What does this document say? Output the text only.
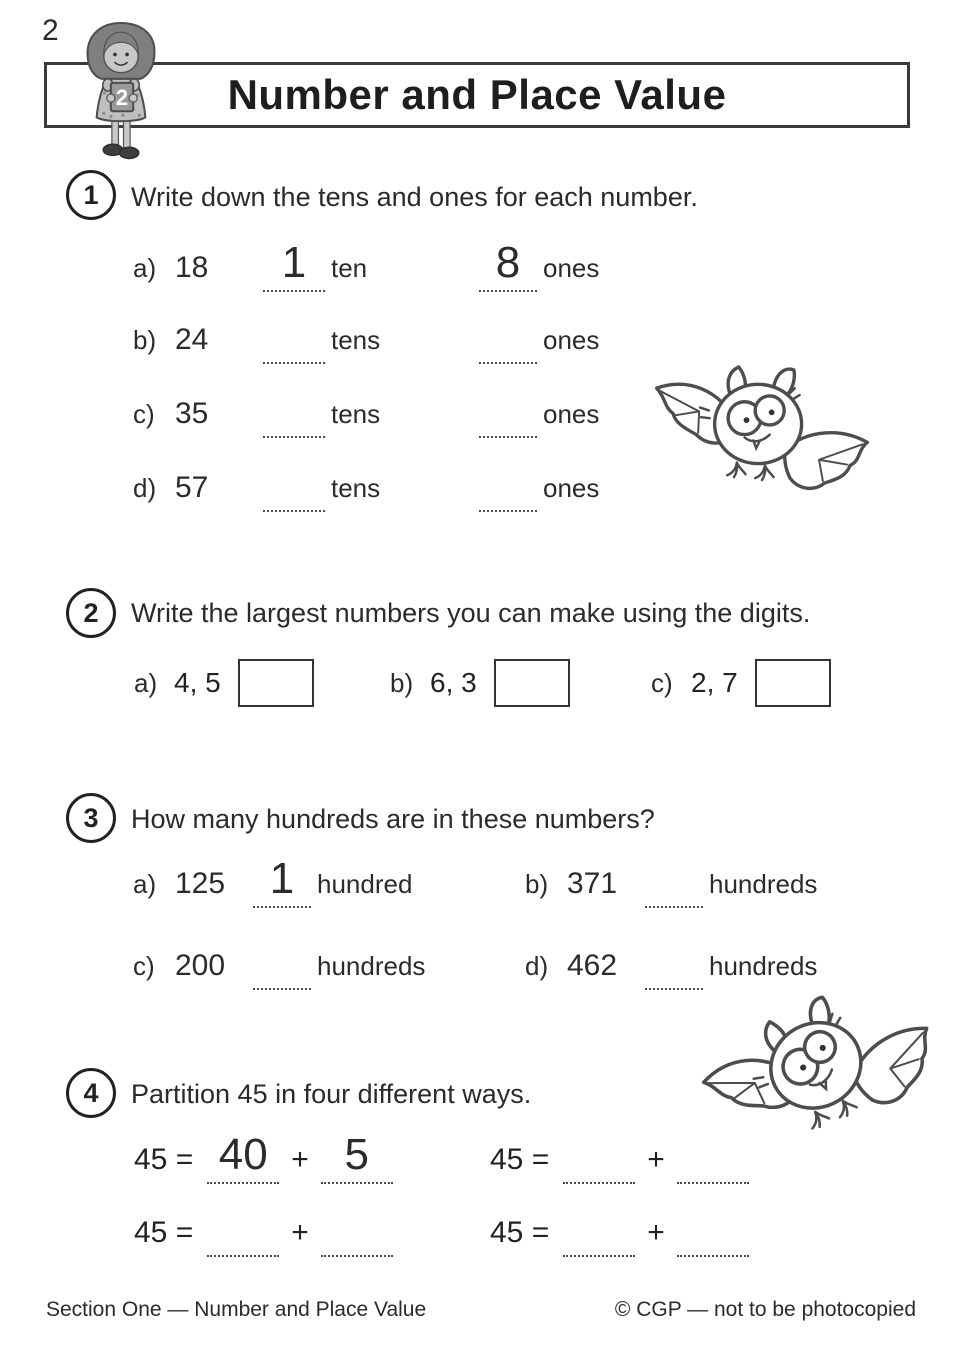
2
Number and Place Value
2
1	Write down the tens and ones for each number.
a) 18	1 ​ ten	8 ​ ones
b) 24 ​	tens ​	ones
c) 35 ​	tens ​	ones
d) 57 ​	tens ​	ones
2	Write the largest numbers you can make using the digits.
a) 4, 5	b) 6, 3	c) 2, 7
3	How many hundreds are in these numbers?
a) 125	1 ​ hundred	b) 371 ​	hundreds
c) 200 ​	hundreds	d) 462 ​	hundreds
4	Partition 45 in four different ways.
45 = 40 ​ + 5 ​	45 = ​	+
​
45 = ​	+ ​	45 = ​	+
​
Section One — Number and Place Value	© CGP — not to be photocopied
